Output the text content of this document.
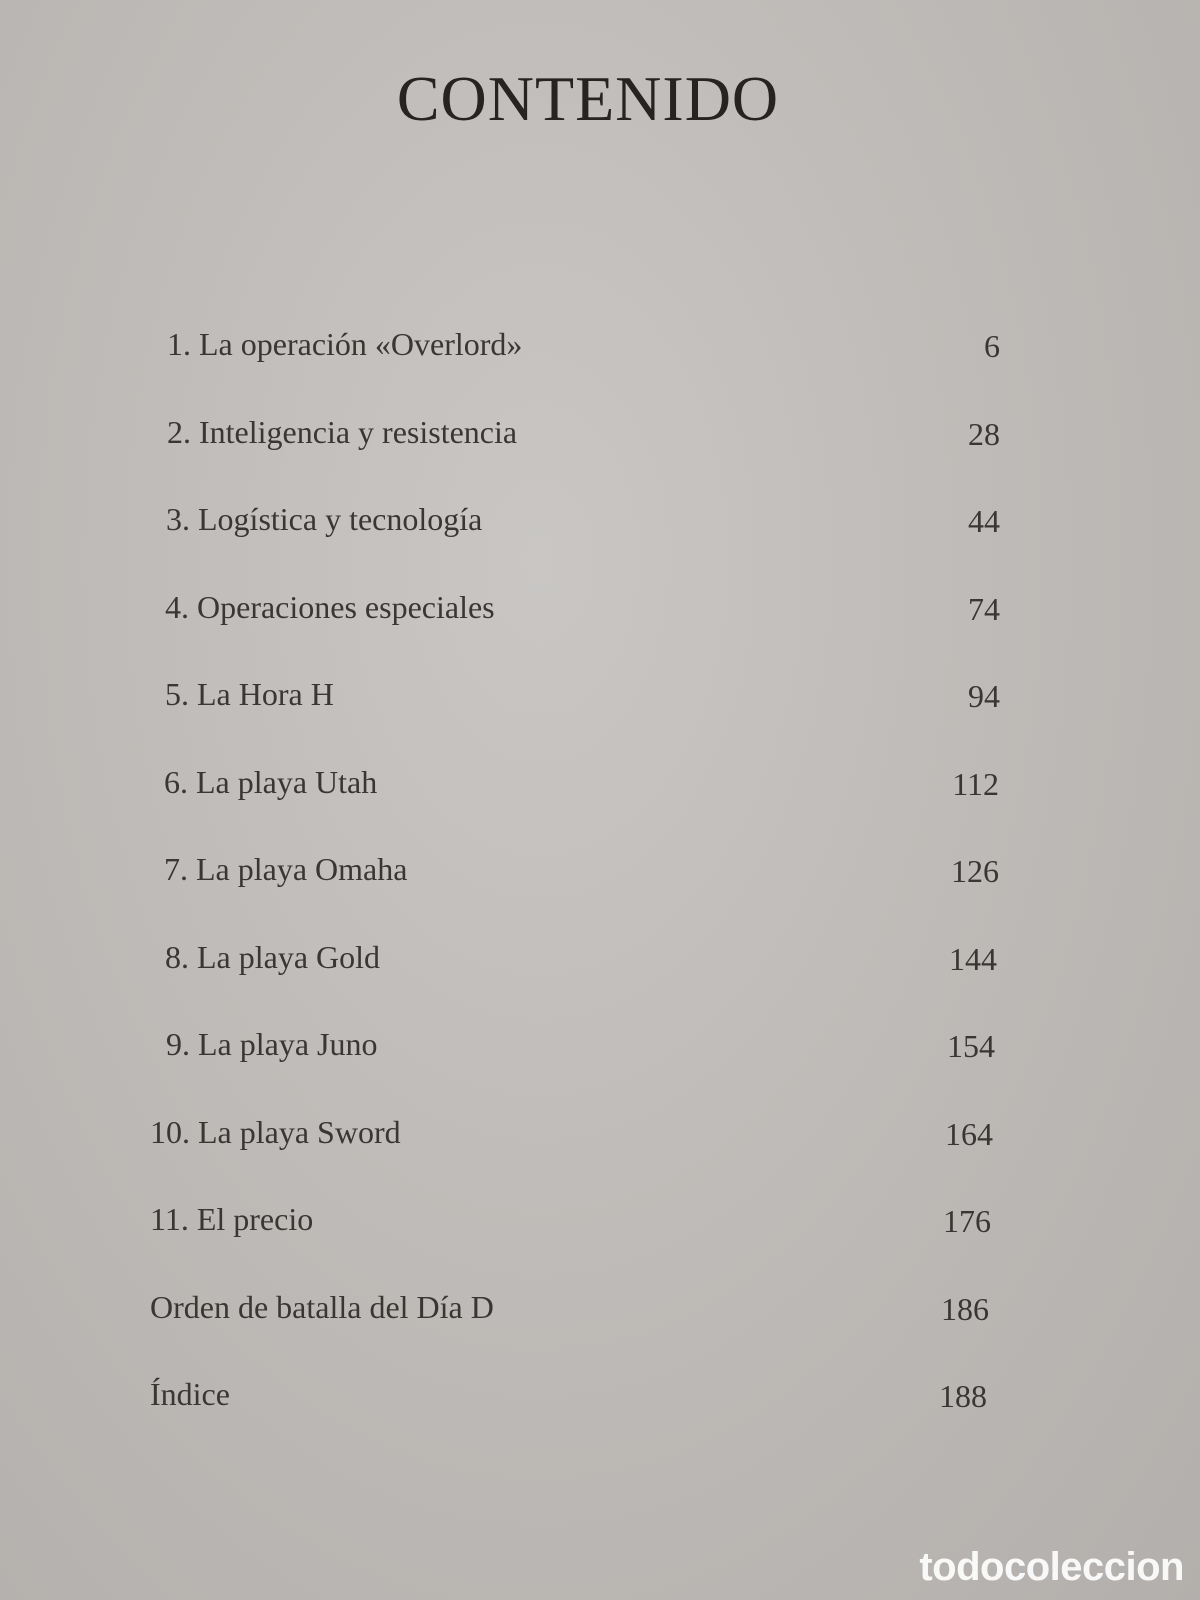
CONTENIDO
1. La operación «Overlord»	6
2. Inteligencia y resistencia	28
3. Logística y tecnología	44
4. Operaciones especiales	74
5. La Hora H	94
6. La playa Utah	112
7. La playa Omaha	126
8. La playa Gold	144
9. La playa Juno	154
10. La playa Sword	164
11. El precio	176
Orden de batalla del Día D	186
Índice	188
todocoleccion
